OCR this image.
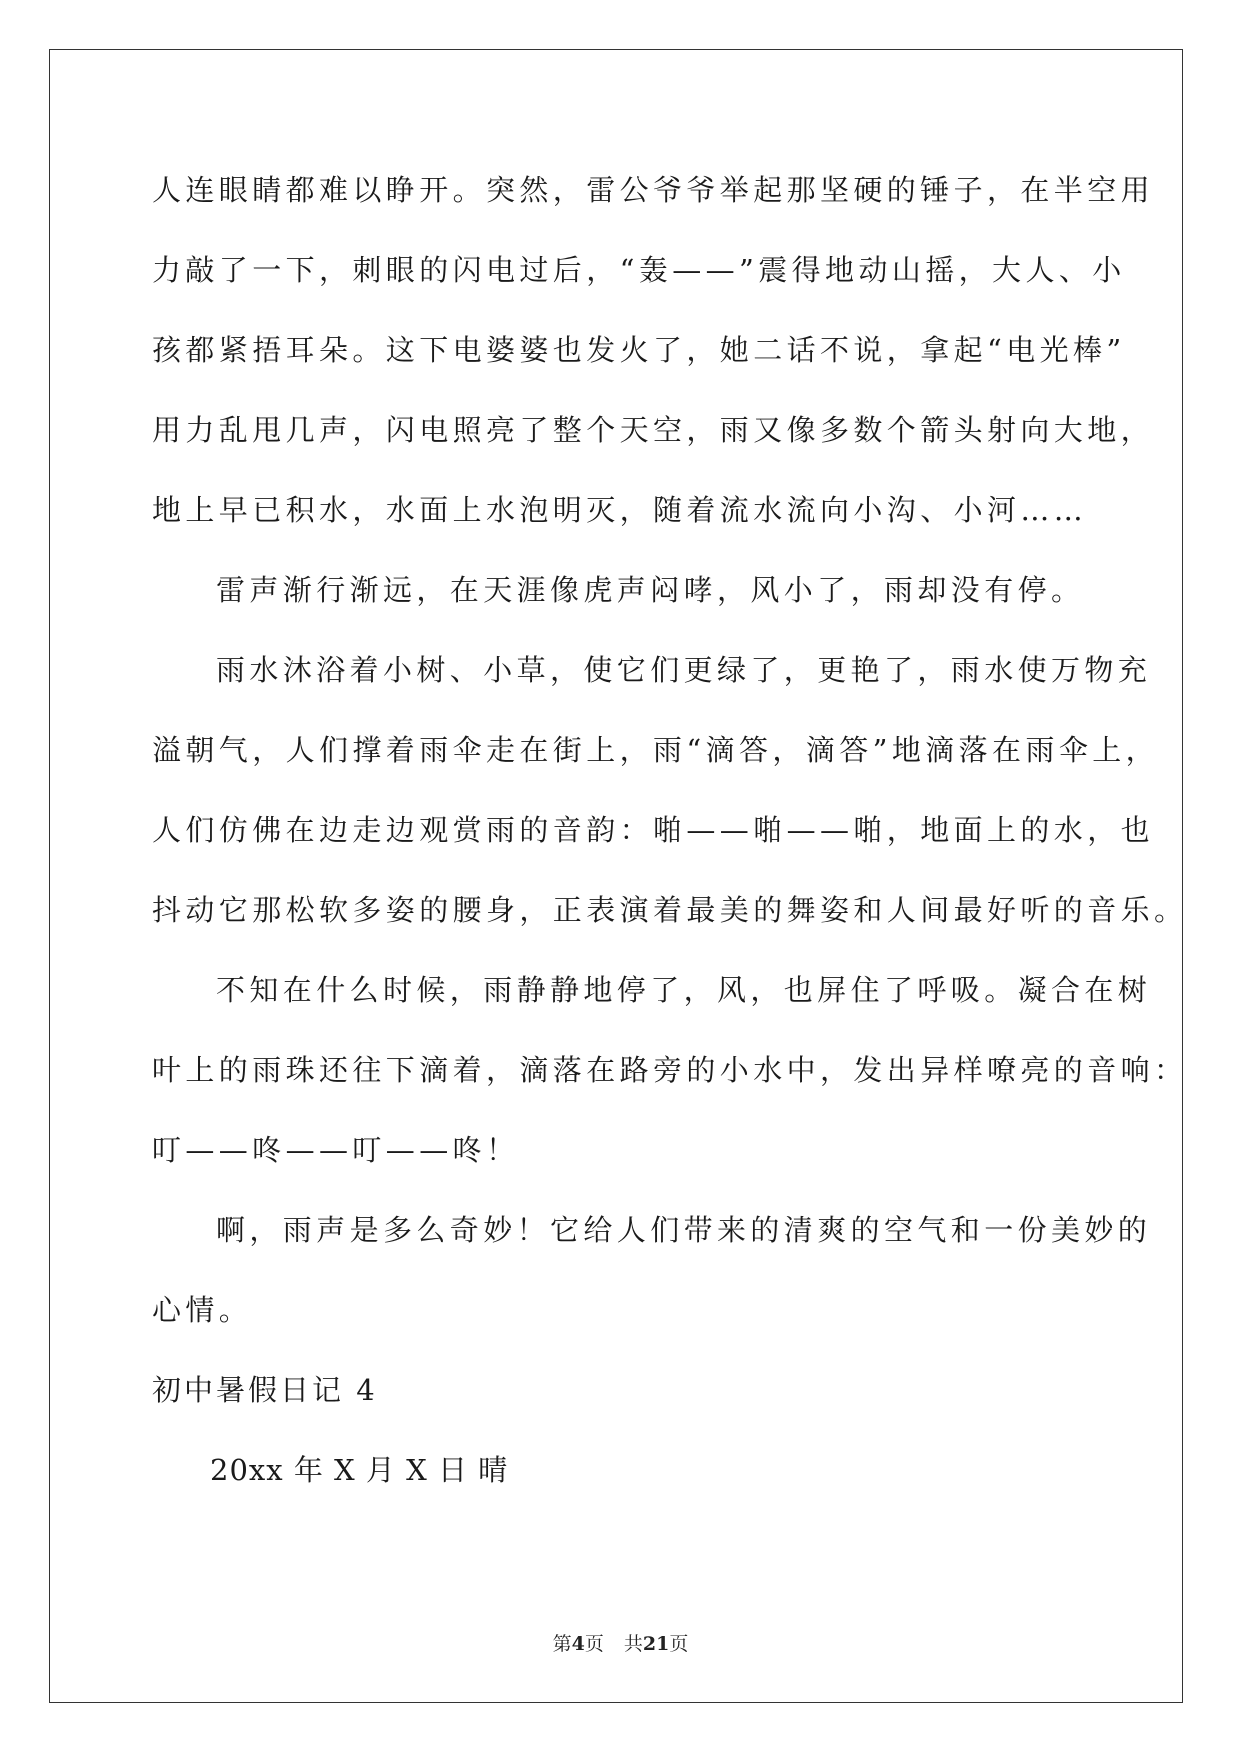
人连眼睛都难以睁开。突然，雷公爷爷举起那坚硬的锤子，在半空用
力敲了一下，刺眼的闪电过后，“轰——”震得地动山摇，大人、小
孩都紧捂耳朵。这下电婆婆也发火了，她二话不说，拿起“电光棒”
用力乱甩几声，闪电照亮了整个天空，雨又像多数个箭头射向大地，
地上早已积水，水面上水泡明灭，随着流水流向小沟、小河……
雷声渐行渐远，在天涯像虎声闷哮，风小了，雨却没有停。
雨水沐浴着小树、小草，使它们更绿了，更艳了，雨水使万物充
溢朝气，人们撑着雨伞走在街上，雨“滴答，滴答”地滴落在雨伞上，
人们仿佛在边走边观赏雨的音韵：啪——啪——啪，地面上的水，也
抖动它那松软多姿的腰身，正表演着最美的舞姿和人间最好听的音乐。
不知在什么时候，雨静静地停了，风，也屏住了呼吸。凝合在树
叶上的雨珠还往下滴着，滴落在路旁的小水中，发出异样嘹亮的音响：
叮——咚——叮——咚！
啊，雨声是多么奇妙！它给人们带来的清爽的空气和一份美妙的
心情。
初中暑假日记 4
20xx 年 X 月 X 日 晴
第4页 共21页
